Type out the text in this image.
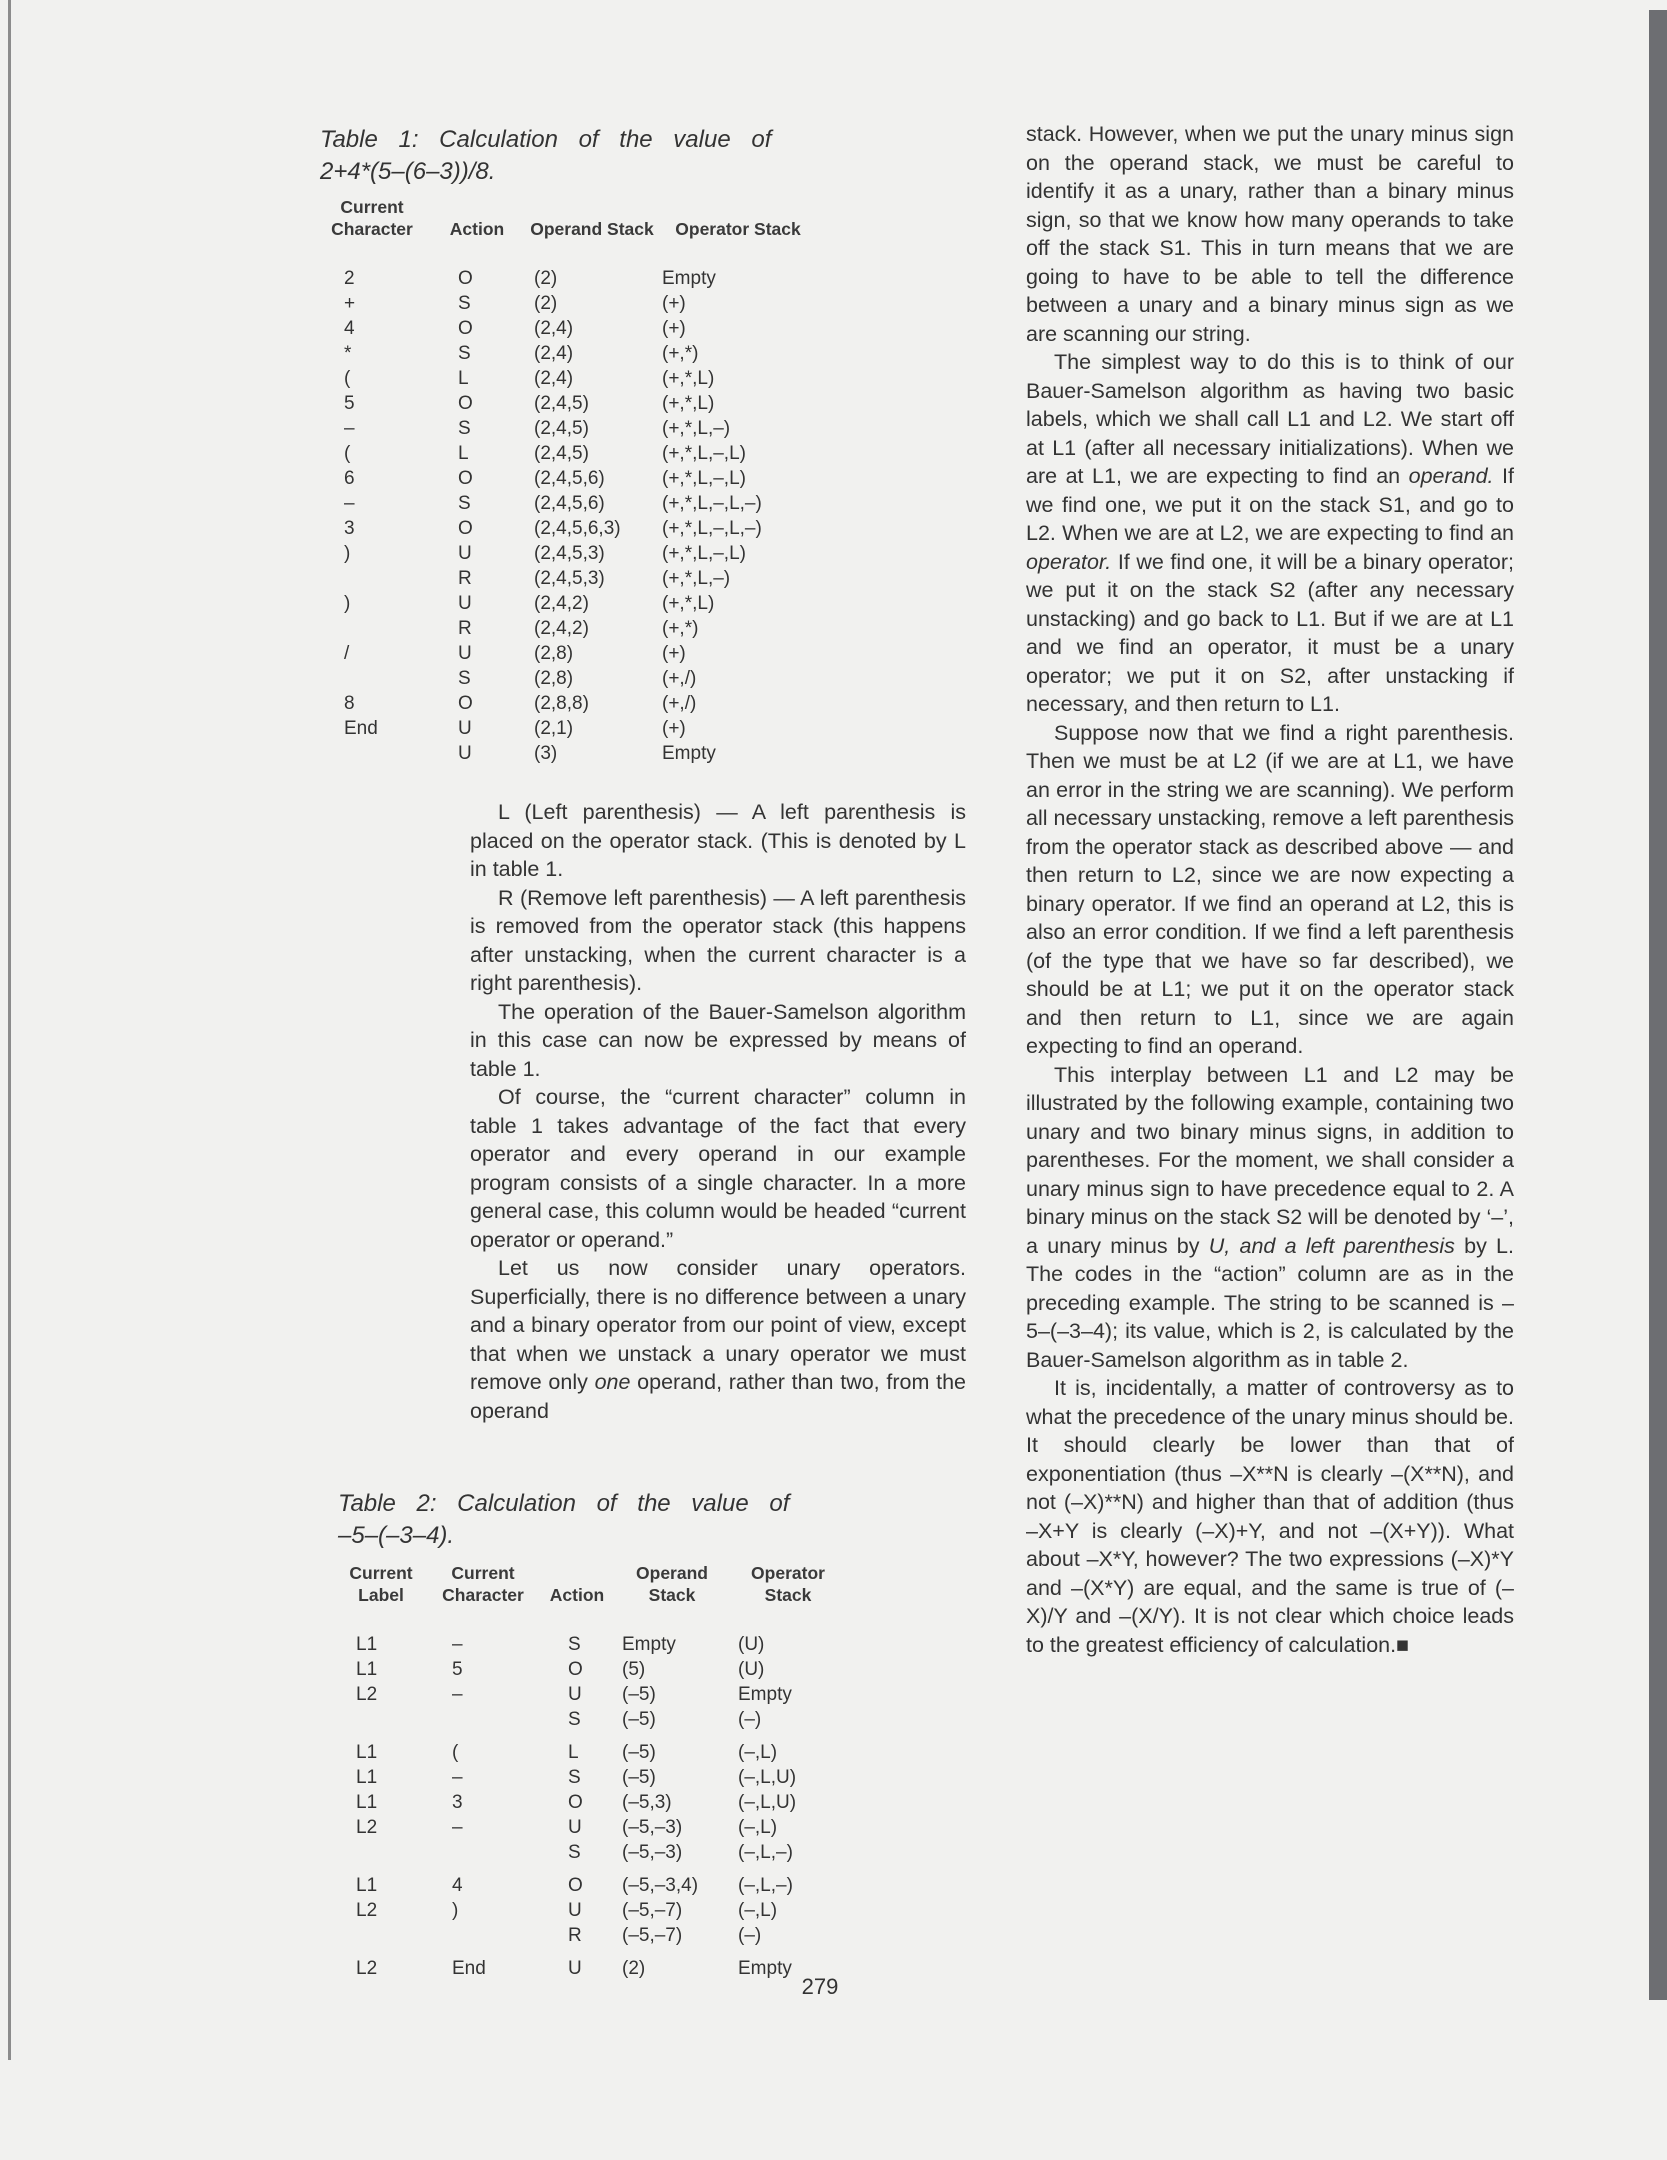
Table 1: Calculation of the value of
2+4*(5–(6–3))/8.
Current Character	Action	Operand Stack	Operator Stack
2	O	(2)	Empty
+	S	(2)	(+)
4	O	(2,4)	(+)
*	S	(2,4)	(+,*)
(	L	(2,4)	(+,*,L)
5	O	(2,4,5)	(+,*,L)
–	S	(2,4,5)	(+,*,L,–)
(	L	(2,4,5)	(+,*,L,–,L)
6	O	(2,4,5,6)	(+,*,L,–,L)
–	S	(2,4,5,6)	(+,*,L,–,L,–)
3	O	(2,4,5,6,3)	(+,*,L,–,L,–)
)	U	(2,4,5,3)	(+,*,L,–,L)
	R	(2,4,5,3)	(+,*,L,–)
)	U	(2,4,2)	(+,*,L)
	R	(2,4,2)	(+,*)
/	U	(2,8)	(+)
	S	(2,8)	(+,/)
8	O	(2,8,8)	(+,/)
End	U	(2,1)	(+)
	U	(3)	Empty

L (Left parenthesis) — A left parenthesis is placed on the operator stack. (This is denoted by L in table 1.

R (Remove left parenthesis) — A left parenthesis is removed from the operator stack (this happens after unstacking, when the current character is a right parenthesis).

The operation of the Bauer-Samelson algorithm in this case can now be expressed by means of table 1.

Of course, the “current character” column in table 1 takes advantage of the fact that every operator and every operand in our example program consists of a single character. In a more general case, this column would be headed “current operator or operand.”

Let us now consider unary operators. Superficially, there is no difference between a unary and a binary operator from our point of view, except that when we unstack a unary operator we must remove only one operand, rather than two, from the operand

Table 2: Calculation of the value of
–5–(–3–4).
Current Label	Current Character	Action	Operand Stack	Operator Stack
L1	–	S	Empty	(U)
L1	5	O	(5)	(U)
L2	–	U	(–5)	Empty
		S	(–5)	(–)
L1	(	L	(–5)	(–,L)
L1	–	S	(–5)	(–,L,U)
L1	3	O	(–5,3)	(–,L,U)
L2	–	U	(–5,–3)	(–,L)
		S	(–5,–3)	(–,L,–)
L1	4	O	(–5,–3,4)	(–,L,–)
L2	)	U	(–5,–7)	(–,L)
		R	(–5,–7)	(–)
L2	End	U	(2)	Empty

stack. However, when we put the unary minus sign on the operand stack, we must be careful to identify it as a unary, rather than a binary minus sign, so that we know how many operands to take off the stack S1. This in turn means that we are going to have to be able to tell the difference between a unary and a binary minus sign as we are scanning our string.

The simplest way to do this is to think of our Bauer-Samelson algorithm as having two basic labels, which we shall call L1 and L2. We start off at L1 (after all necessary initializations). When we are at L1, we are expecting to find an operand. If we find one, we put it on the stack S1, and go to L2. When we are at L2, we are expecting to find an operator. If we find one, it will be a binary operator; we put it on the stack S2 (after any necessary unstacking) and go back to L1. But if we are at L1 and we find an operator, it must be a unary operator; we put it on S2, after unstacking if necessary, and then return to L1.

Suppose now that we find a right parenthesis. Then we must be at L2 (if we are at L1, we have an error in the string we are scanning). We perform all necessary unstacking, remove a left parenthesis from the operator stack as described above — and then return to L2, since we are now expecting a binary operator. If we find an operand at L2, this is also an error condition. If we find a left parenthesis (of the type that we have so far described), we should be at L1; we put it on the operator stack and then return to L1, since we are again expecting to find an operand.

This interplay between L1 and L2 may be illustrated by the following example, containing two unary and two binary minus signs, in addition to parentheses. For the moment, we shall consider a unary minus sign to have precedence equal to 2. A binary minus on the stack S2 will be denoted by ‘–’, a unary minus by U, and a left parenthesis by L. The codes in the “action” column are as in the preceding example. The string to be scanned is –5–(–3–4); its value, which is 2, is calculated by the Bauer-Samelson algorithm as in table 2.

It is, incidentally, a matter of controversy as to what the precedence of the unary minus should be. It should clearly be lower than that of exponentiation (thus –X**N is clearly –(X**N), and not (–X)**N) and higher than that of addition (thus –X+Y is clearly (–X)+Y, and not –(X+Y)). What about –X*Y, however? The two expressions (–X)*Y and –(X*Y) are equal, and the same is true of (–X)/Y and –(X/Y). It is not clear which choice leads to the greatest efficiency of calculation.■

279
